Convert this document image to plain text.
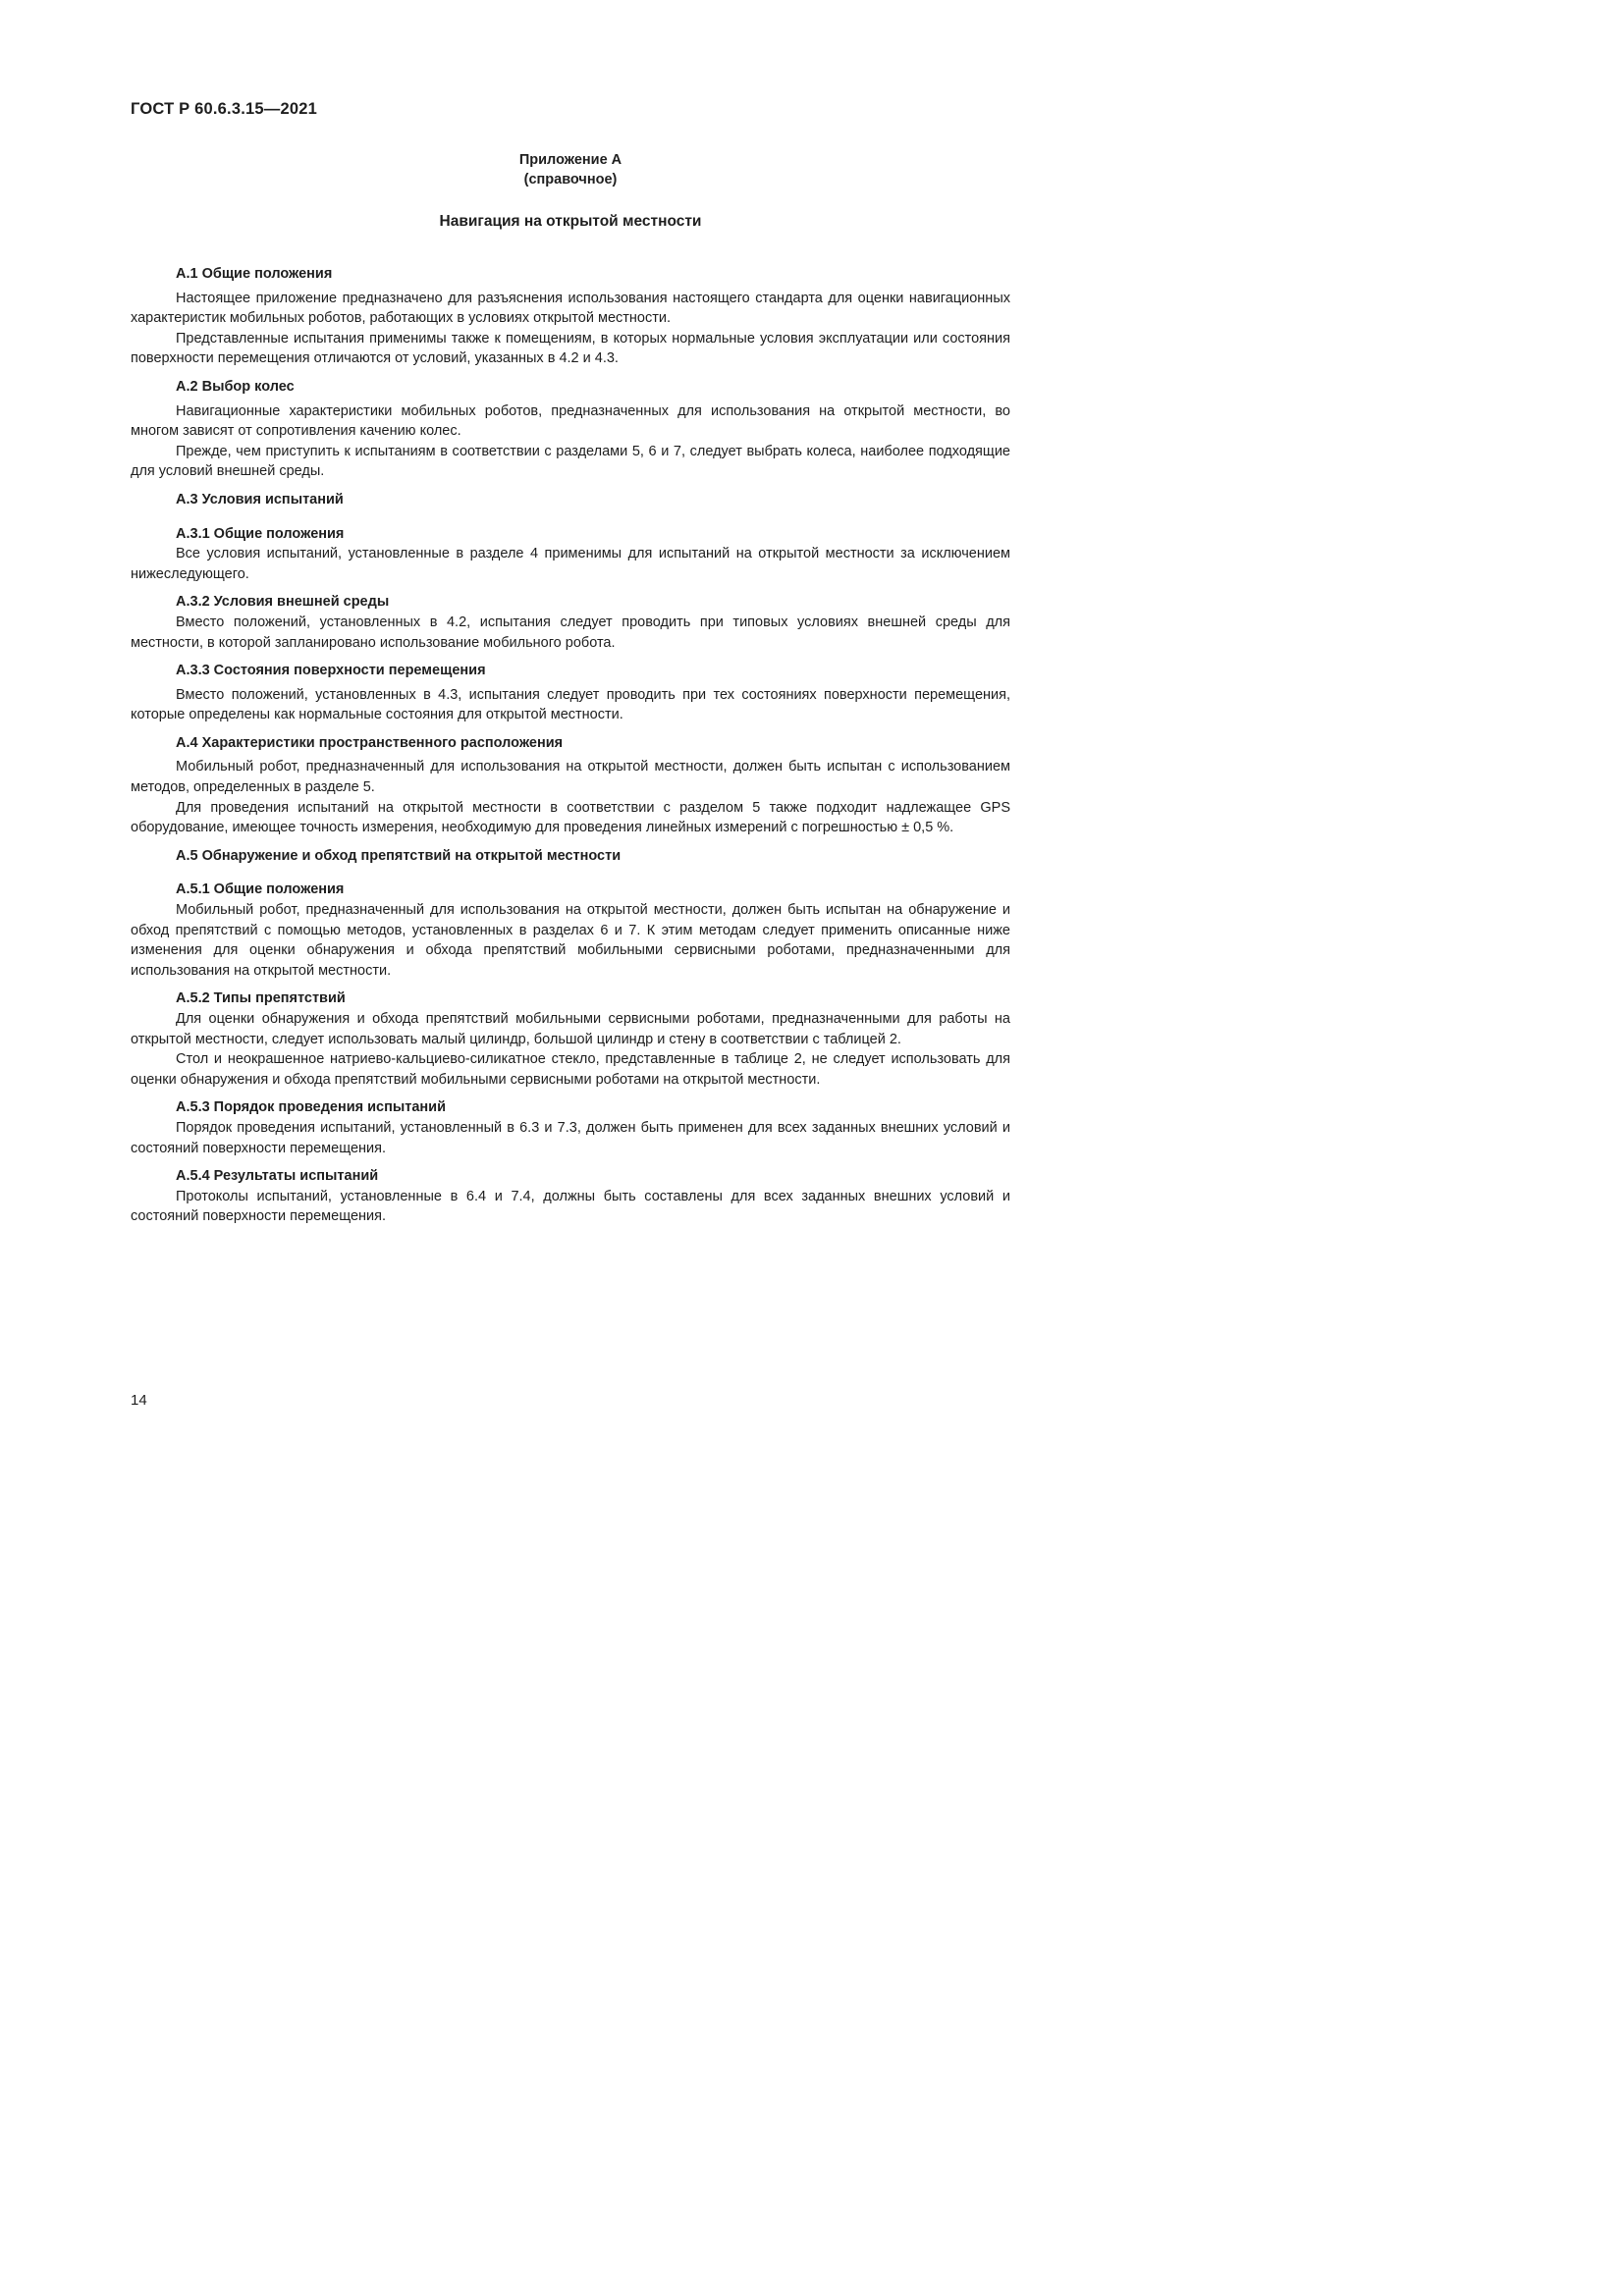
ГОСТ Р 60.6.3.15—2021
Приложение А
(справочное)
Навигация на открытой местности
А.1 Общие положения

Настоящее приложение предназначено для разъяснения использования настоящего стандарта для оценки навигационных характеристик мобильных роботов, работающих в условиях открытой местности.

Представленные испытания применимы также к помещениям, в которых нормальные условия эксплуатации или состояния поверхности перемещения отличаются от условий, указанных в 4.2 и 4.3.

А.2 Выбор колес

Навигационные характеристики мобильных роботов, предназначенных для использования на открытой местности, во многом зависят от сопротивления качению колес.

Прежде, чем приступить к испытаниям в соответствии с разделами 5, 6 и 7, следует выбрать колеса, наиболее подходящие для условий внешней среды.

А.3 Условия испытаний
А.3.1 Общие положения

Все условия испытаний, установленные в разделе 4 применимы для испытаний на открытой местности за исключением нижеследующего.

А.3.2 Условия внешней среды

Вместо положений, установленных в 4.2, испытания следует проводить при типовых условиях внешней среды для местности, в которой запланировано использование мобильного робота.

А.3.3 Состояния поверхности перемещения

Вместо положений, установленных в 4.3, испытания следует проводить при тех состояниях поверхности перемещения, которые определены как нормальные состояния для открытой местности.

А.4 Характеристики пространственного расположения

Мобильный робот, предназначенный для использования на открытой местности, должен быть испытан с использованием методов, определенных в разделе 5.

Для проведения испытаний на открытой местности в соответствии с разделом 5 также подходит надлежащее GPS оборудование, имеющее точность измерения, необходимую для проведения линейных измерений с погрешностью ± 0,5 %.

А.5 Обнаружение и обход препятствий на открытой местности
А.5.1 Общие положения

Мобильный робот, предназначенный для использования на открытой местности, должен быть испытан на обнаружение и обход препятствий с помощью методов, установленных в разделах 6 и 7. К этим методам следует применить описанные ниже изменения для оценки обнаружения и обхода препятствий мобильными сервисными роботами, предназначенными для использования на открытой местности.

А.5.2 Типы препятствий

Для оценки обнаружения и обхода препятствий мобильными сервисными роботами, предназначенными для работы на открытой местности, следует использовать малый цилиндр, большой цилиндр и стену в соответствии с таблицей 2.

Стол и неокрашенное натриево-кальциево-силикатное стекло, представленные в таблице 2, не следует использовать для оценки обнаружения и обхода препятствий мобильными сервисными роботами на открытой местности.

А.5.3 Порядок проведения испытаний

Порядок проведения испытаний, установленный в 6.3 и 7.3, должен быть применен для всех заданных внешних условий и состояний поверхности перемещения.

А.5.4 Результаты испытаний

Протоколы испытаний, установленные в 6.4 и 7.4, должны быть составлены для всех заданных внешних условий и состояний поверхности перемещения.

14
